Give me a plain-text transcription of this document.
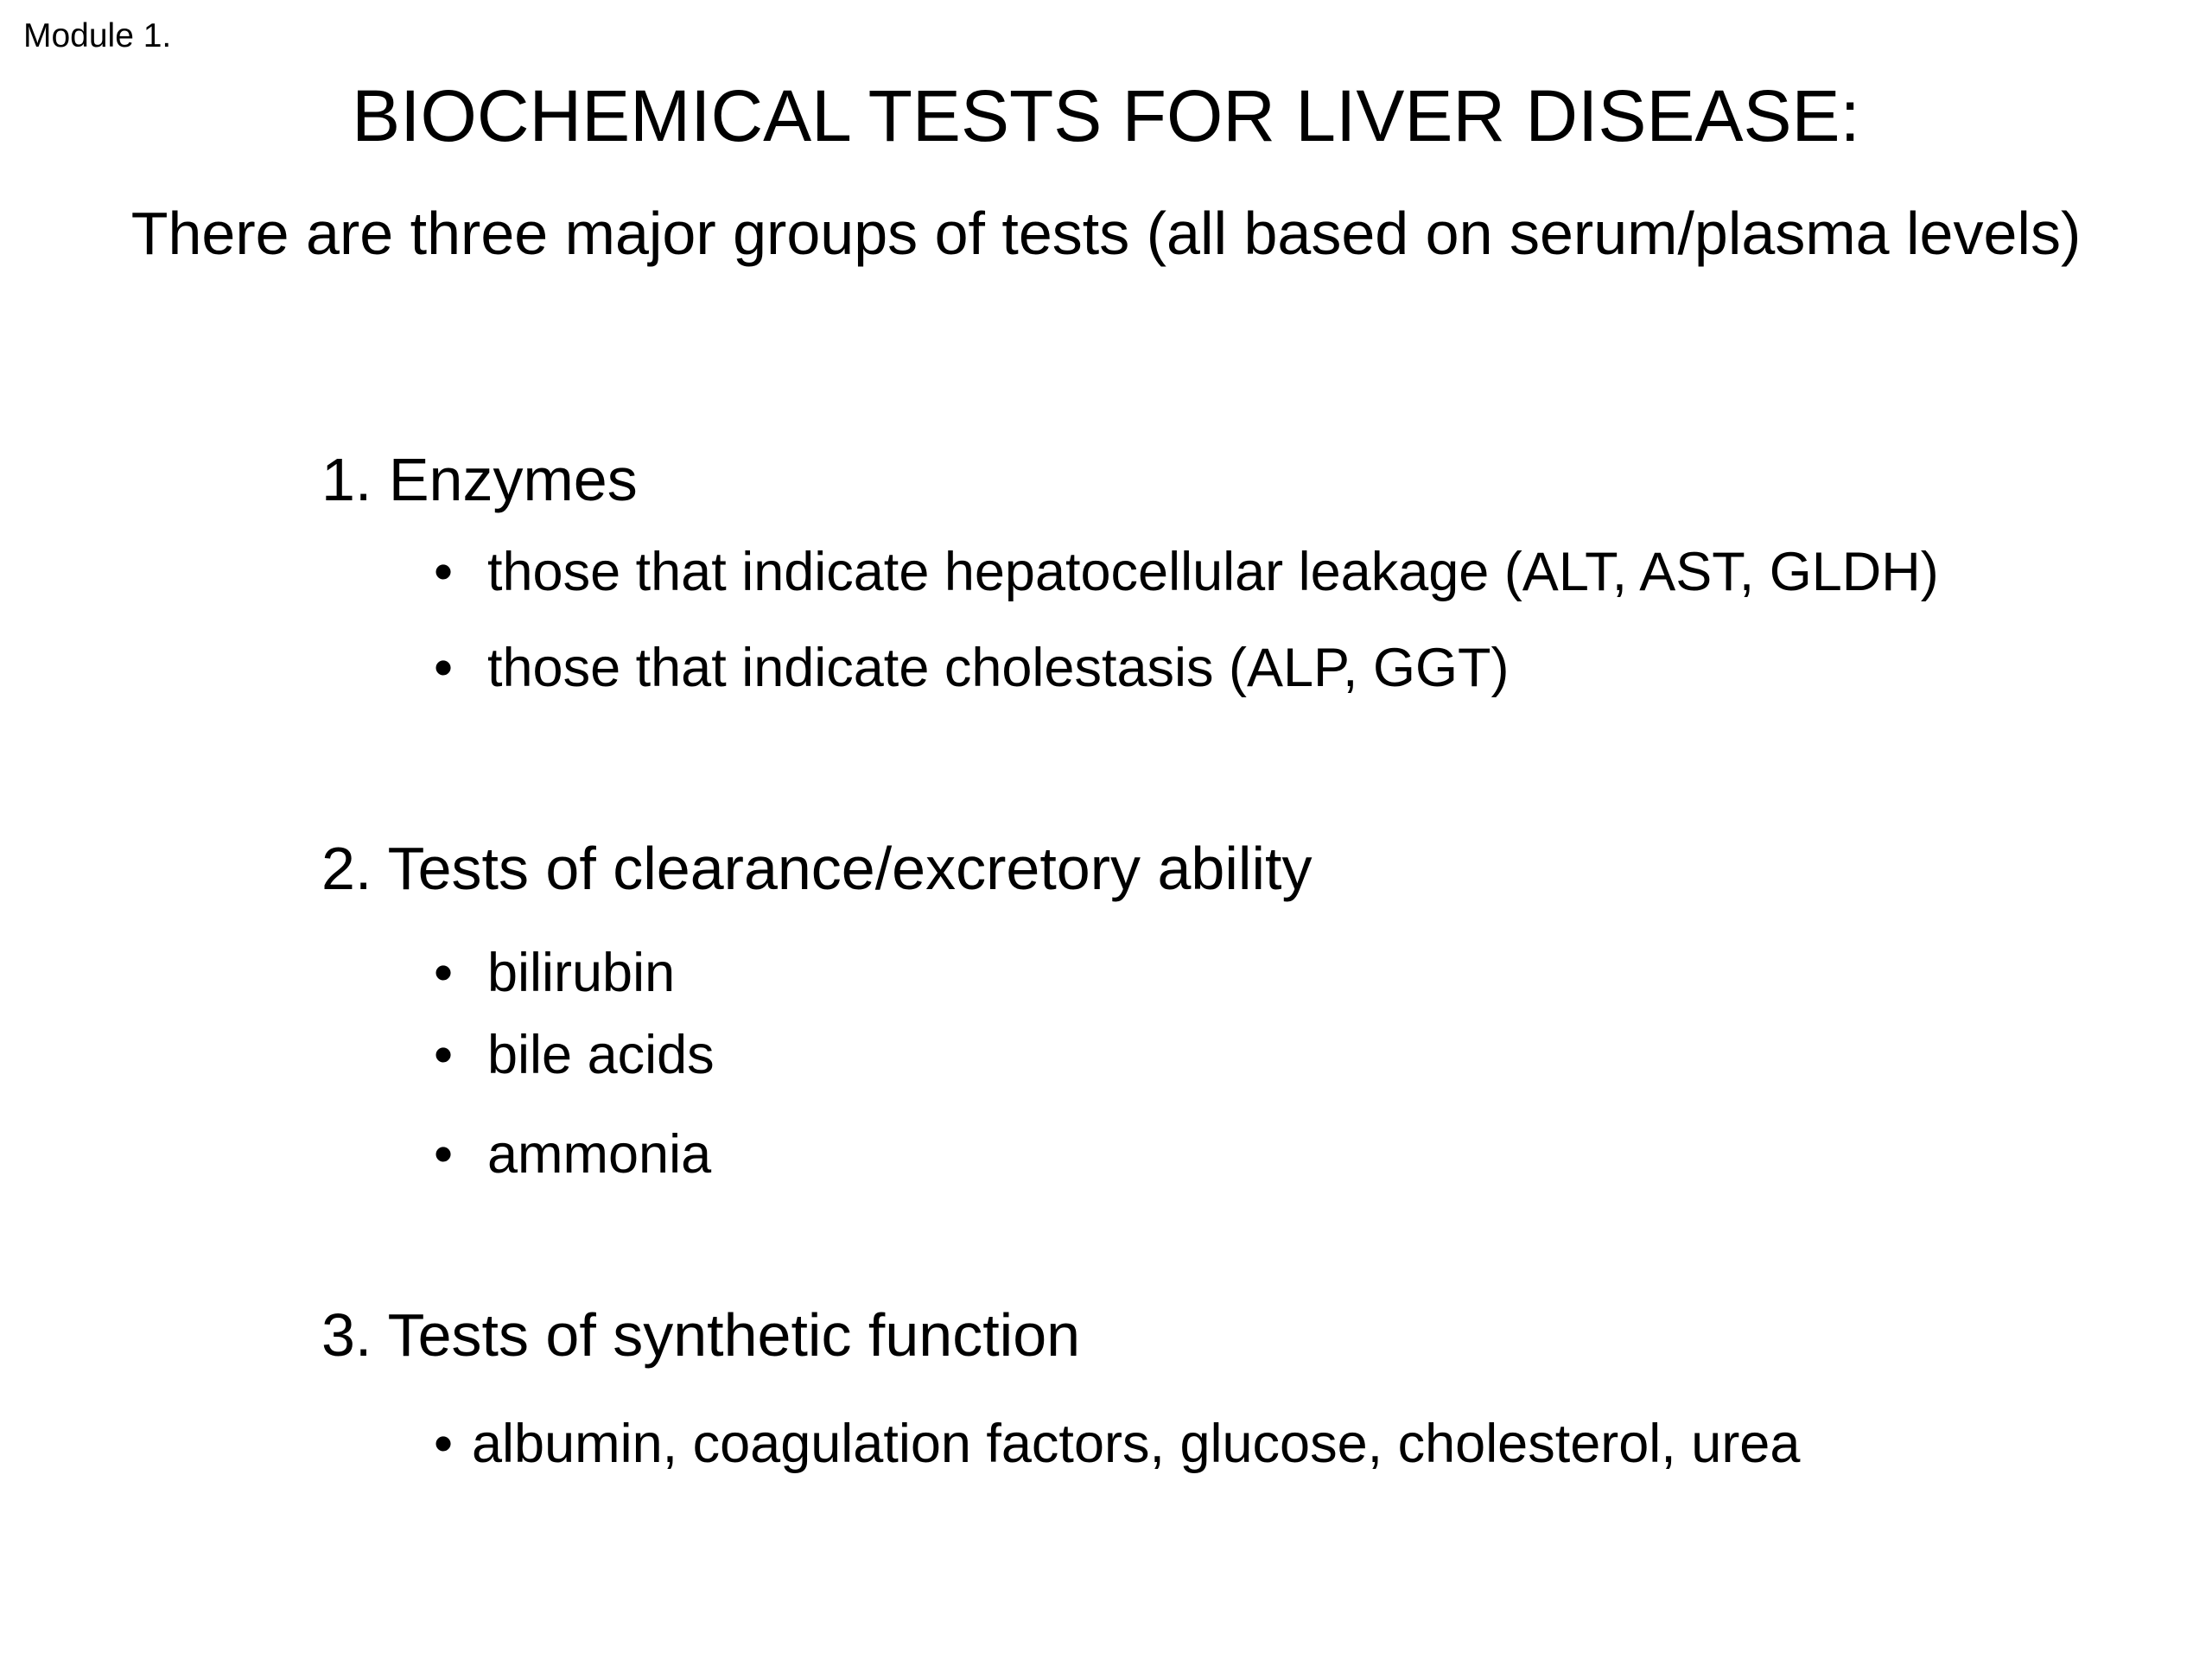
Module 1.
BIOCHEMICAL TESTS FOR LIVER DISEASE:
There are three major groups of tests (all based on serum/plasma levels)
1. Enzymes
• those that indicate hepatocellular leakage (ALT, AST, GLDH)
• those that indicate cholestasis (ALP, GGT)
2. Tests of clearance/excretory ability
• bilirubin
• bile acids
• ammonia
3. Tests of synthetic function
• albumin, coagulation factors, glucose, cholesterol, urea
